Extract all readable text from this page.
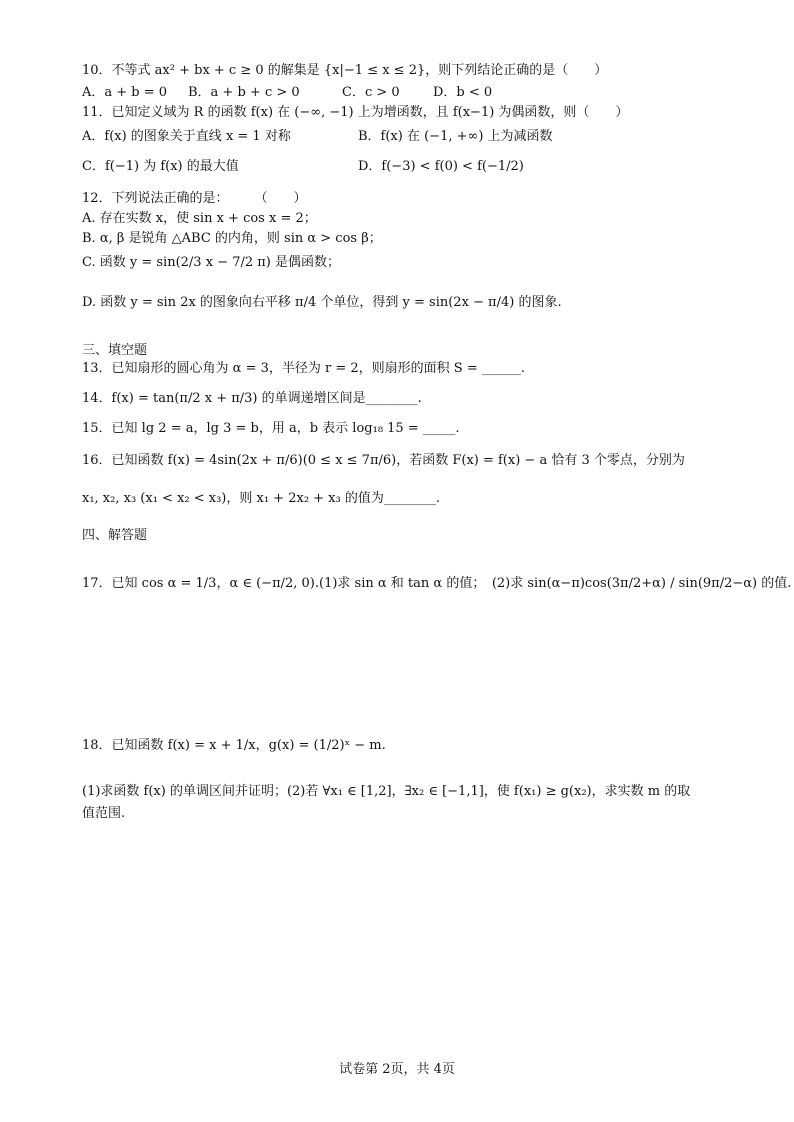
10．不等式 ax² + bx + c ≥ 0 的解集是 {x|−1 ≤ x ≤ 2}，则下列结论正确的是（　　）
A．a + b = 0 B．a + b + c > 0	C．c > 0	D．b < 0
11．已知定义域为 R 的函数 f(x) 在 (−∞, −1) 上为增函数，且 f(x−1) 为偶函数，则（　　）
A．f(x) 的图象关于直线 x = 1 对称	B．f(x) 在 (−1, +∞) 上为减函数
C．f(−1) 为 f(x) 的最大值	D．f(−3) < f(0) < f(−1/2)
12．下列说法正确的是：　　　（　　）
A. 存在实数 x，使 sin x + cos x = 2；
B. α, β 是锐角 △ABC 的内角，则 sin α > cos β；
C. 函数 y = sin(2/3 x − 7/2 π) 是偶函数；
D. 函数 y = sin 2x 的图象向右平移 π/4 个单位，得到 y = sin(2x − π/4) 的图象.
三、填空题
13．已知扇形的圆心角为 α = 3，半径为 r = 2，则扇形的面积 S = ______.
14．f(x) = tan(π/2 x + π/3) 的单调递增区间是________.
15．已知 lg 2 = a，lg 3 = b，用 a，b 表示 log₁₈ 15 = _____.
16．已知函数 f(x) = 4sin(2x + π/6)(0 ≤ x ≤ 7π/6)，若函数 F(x) = f(x) − a 恰有 3 个零点，分别为
x₁, x₂, x₃ (x₁ < x₂ < x₃)，则 x₁ + 2x₂ + x₃ 的值为________.
四、解答题
17．已知 cos α = 1/3，α ∈ (−π/2, 0).(1)求 sin α 和 tan α 的值；　(2)求 sin(α−π)cos(3π/2+α) / sin(9π/2−α) 的值.
18．已知函数 f(x) = x + 1/x，g(x) = (1/2)ˣ − m.
(1)求函数 f(x) 的单调区间并证明；(2)若 ∀x₁ ∈ [1,2]，∃x₂ ∈ [−1,1]，使 f(x₁) ≥ g(x₂)，求实数 m 的取
值范围.
试卷第 2页，共 4页
